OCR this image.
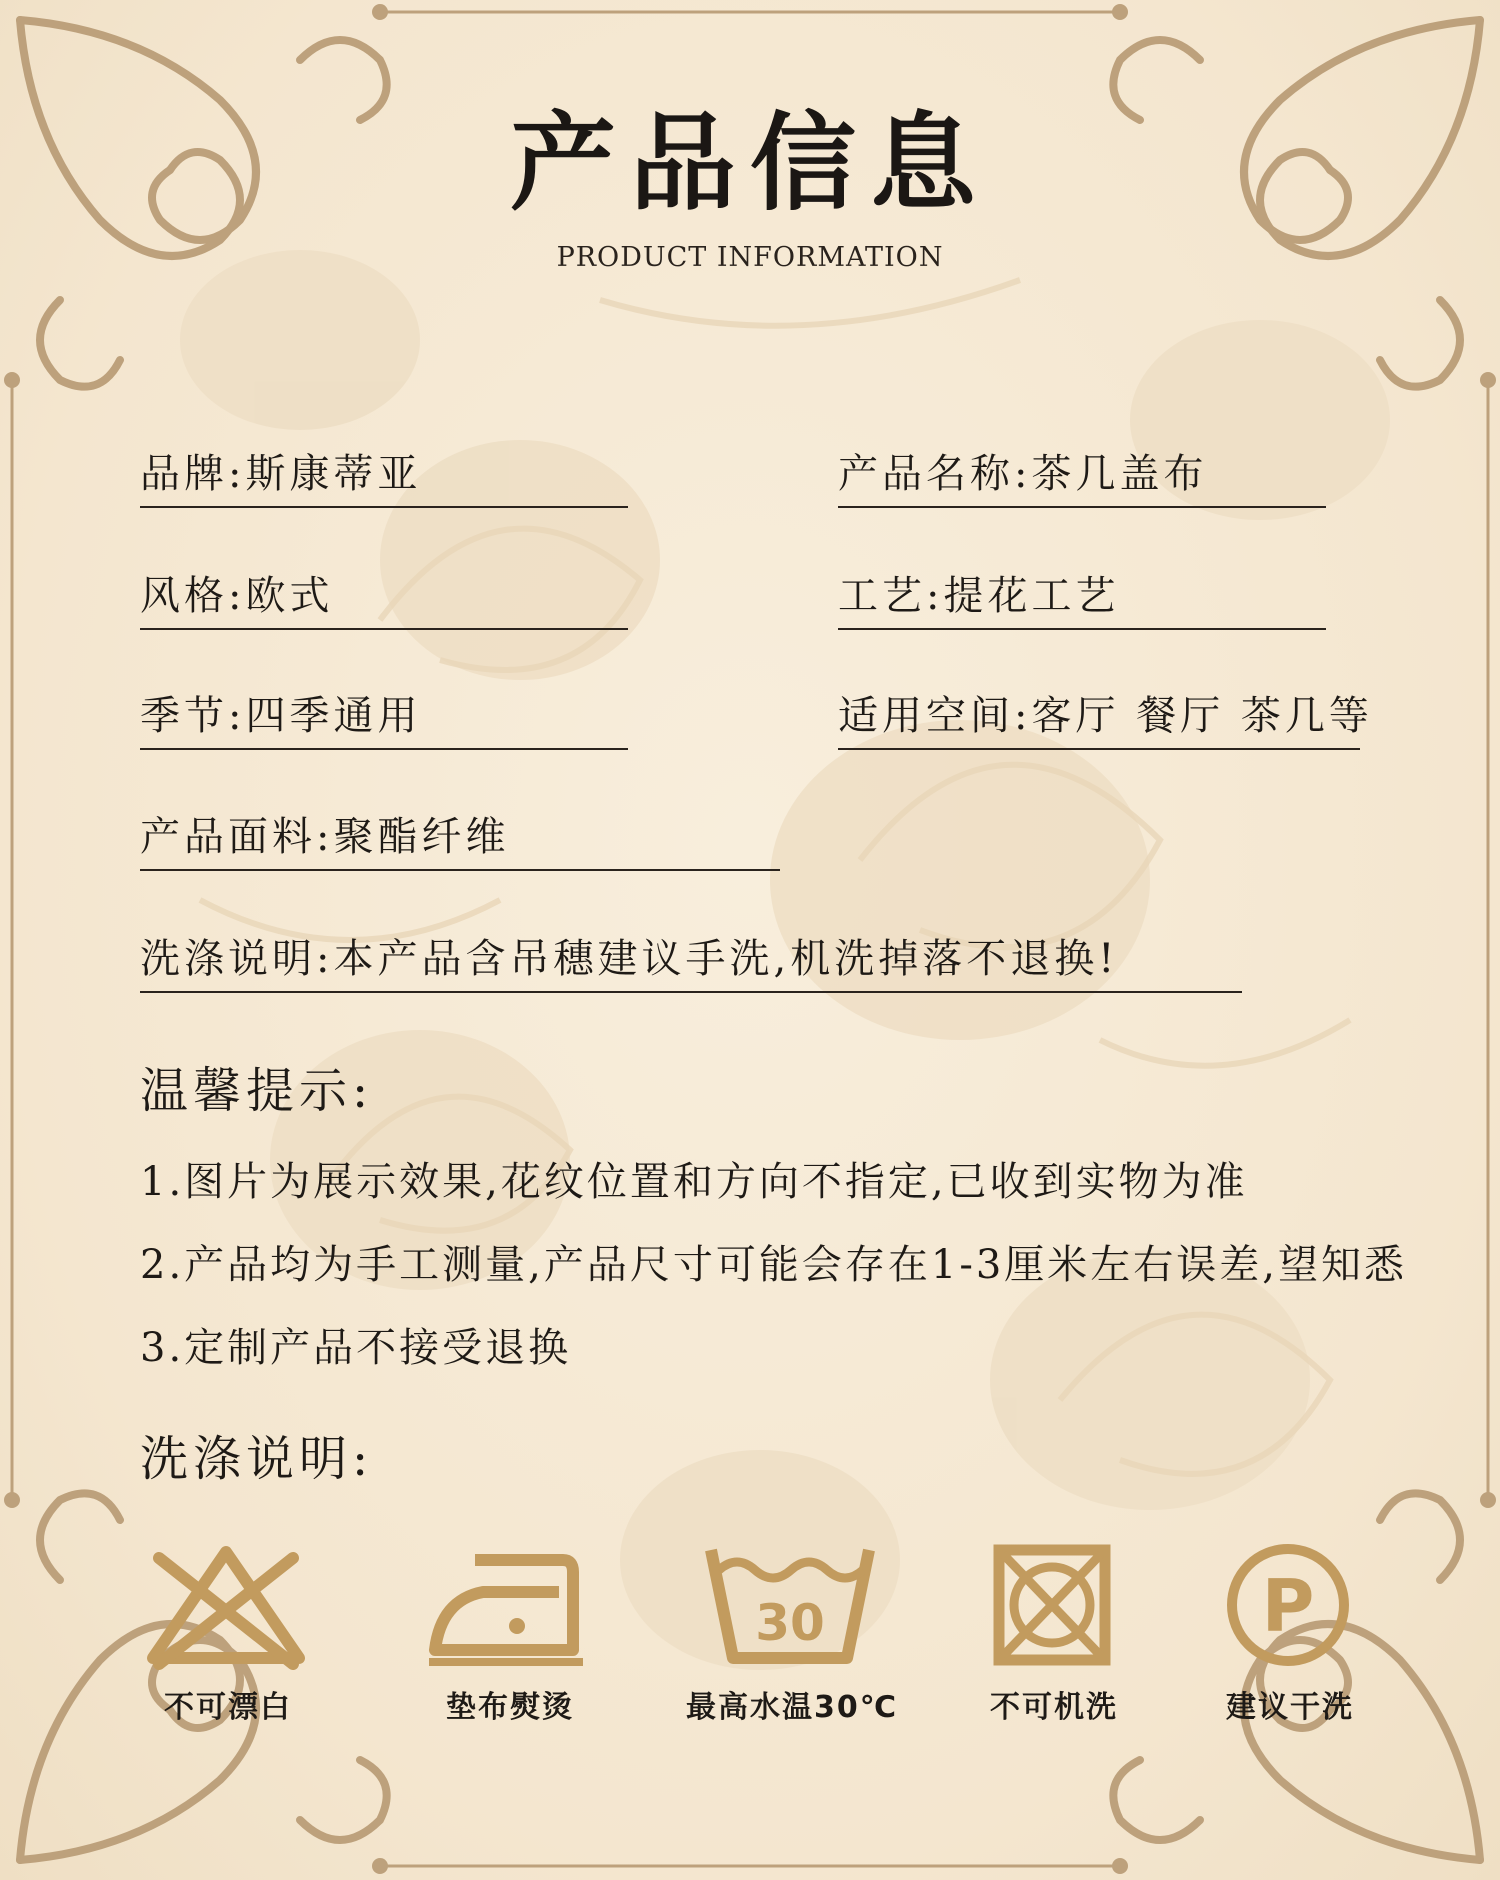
产品信息
PRODUCT INFORMATION
品牌:斯康蒂亚	产品名称:茶几盖布
风格:欧式	工艺:提花工艺
季节:四季通用	适用空间:客厅 餐厅 茶几等
产品面料:聚酯纤维
洗涤说明:本产品含吊穗建议手洗,机洗掉落不退换!
温馨提示:
1.图片为展示效果,花纹位置和方向不指定,已收到实物为准
2.产品均为手工测量,产品尺寸可能会存在1-3厘米左右误差,望知悉
3.定制产品不接受退换
洗涤说明:
不可漂白	垫布熨烫
30
最高水温30℃	不可机洗
P
建议干洗
